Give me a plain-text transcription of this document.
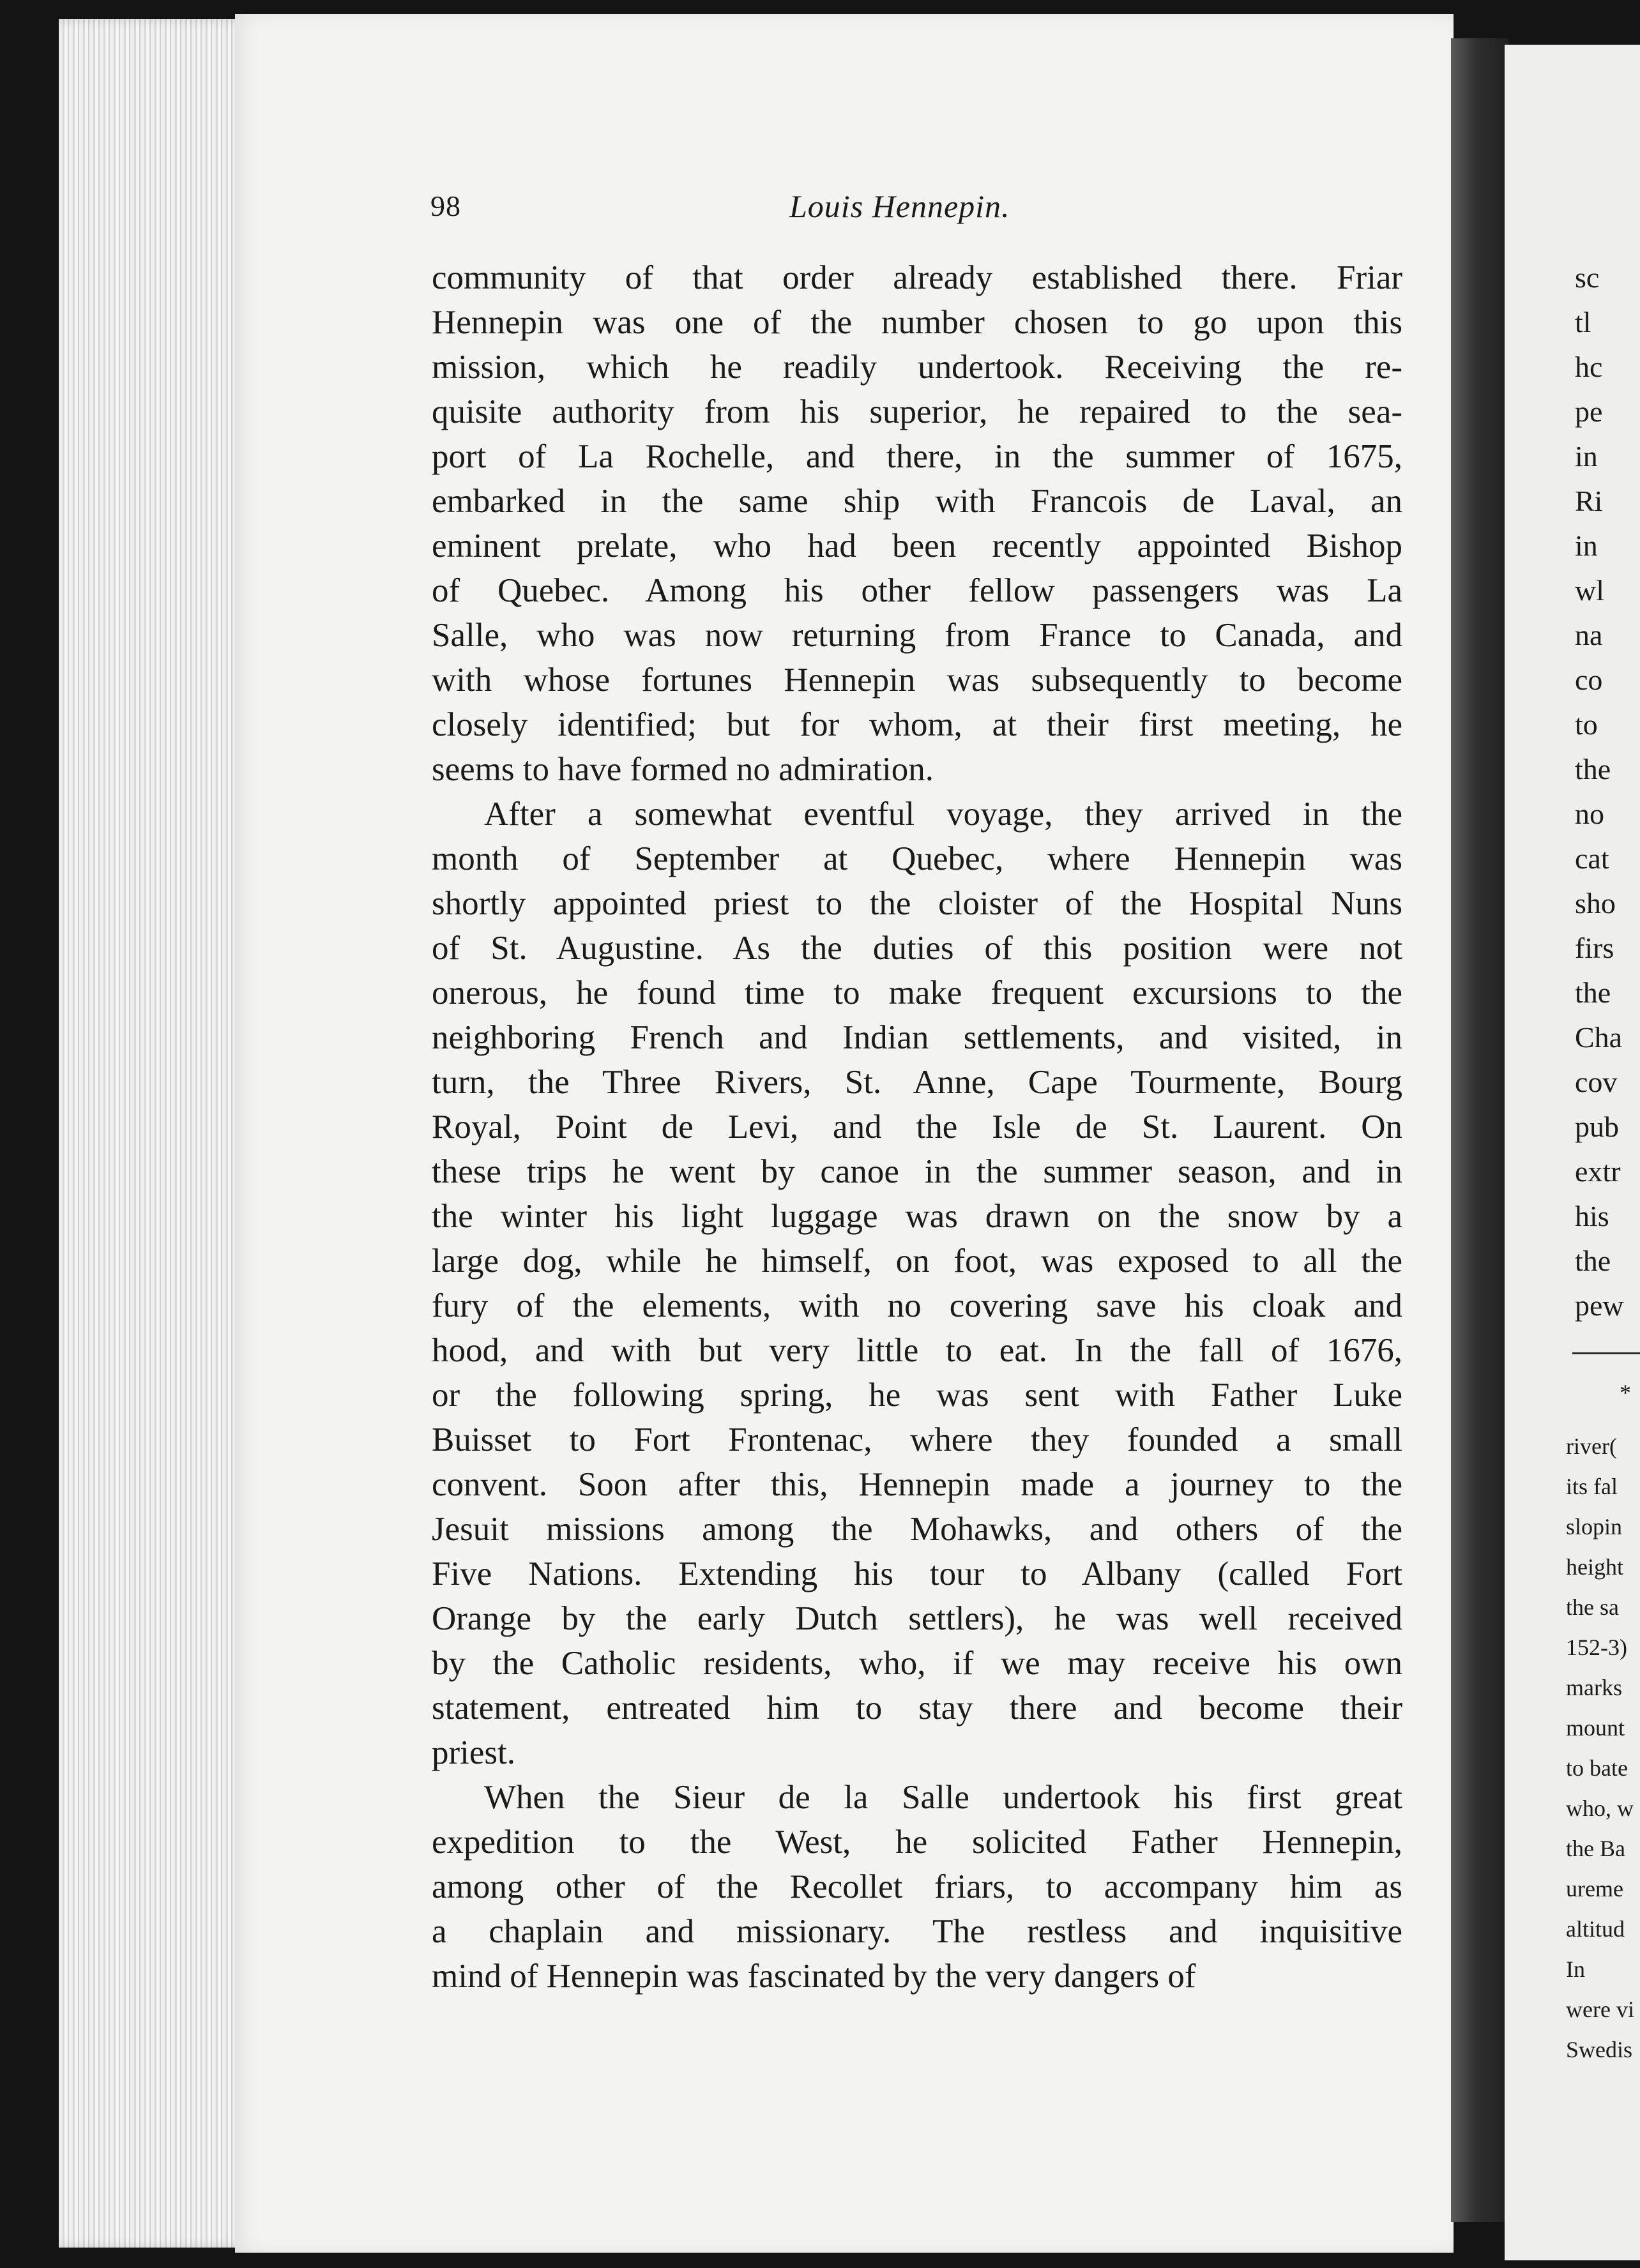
98	Louis Hennepin.
community of that order already established there. Friar
Hennepin was one of the number chosen to go upon this
mission, which he readily undertook. Receiving the re-
quisite authority from his superior, he repaired to the sea-
port of La Rochelle, and there, in the summer of 1675,
embarked in the same ship with Francois de Laval, an
eminent prelate, who had been recently appointed Bishop
of Quebec. Among his other fellow passengers was La
Salle, who was now returning from France to Canada, and
with whose fortunes Hennepin was subsequently to become
closely identified; but for whom, at their first meeting, he
seems to have formed no admiration.
After a somewhat eventful voyage, they arrived in the
month of September at Quebec, where Hennepin was
shortly appointed priest to the cloister of the Hospital Nuns
of St. Augustine. As the duties of this position were not
onerous, he found time to make frequent excursions to the
neighboring French and Indian settlements, and visited, in
turn, the Three Rivers, St. Anne, Cape Tourmente, Bourg
Royal, Point de Levi, and the Isle de St. Laurent. On
these trips he went by canoe in the summer season, and in
the winter his light luggage was drawn on the snow by a
large dog, while he himself, on foot, was exposed to all the
fury of the elements, with no covering save his cloak and
hood, and with but very little to eat. In the fall of 1676,
or the following spring, he was sent with Father Luke
Buisset to Fort Frontenac, where they founded a small
convent. Soon after this, Hennepin made a journey to the
Jesuit missions among the Mohawks, and others of the
Five Nations. Extending his tour to Albany (called Fort
Orange by the early Dutch settlers), he was well received
by the Catholic residents, who, if we may receive his own
statement, entreated him to stay there and become their
priest.
When the Sieur de la Salle undertook his first great
expedition to the West, he solicited Father Hennepin,
among other of the Recollet friars, to accompany him as
a chaplain and missionary. The restless and inquisitive
mind of Hennepin was fascinated by the very dangers of
sc
tl
hc
pe
in
Ri
in
wl
na
co
to
the
no
cat
sho
firs
the
Cha
cov
pub
extr
his
the
pew
*
river(
its fal
slopin
height
the sa
152-3)
marks
mount
to bate
who, w
the Ba
ureme
altitud
In
were vi
Swedis
